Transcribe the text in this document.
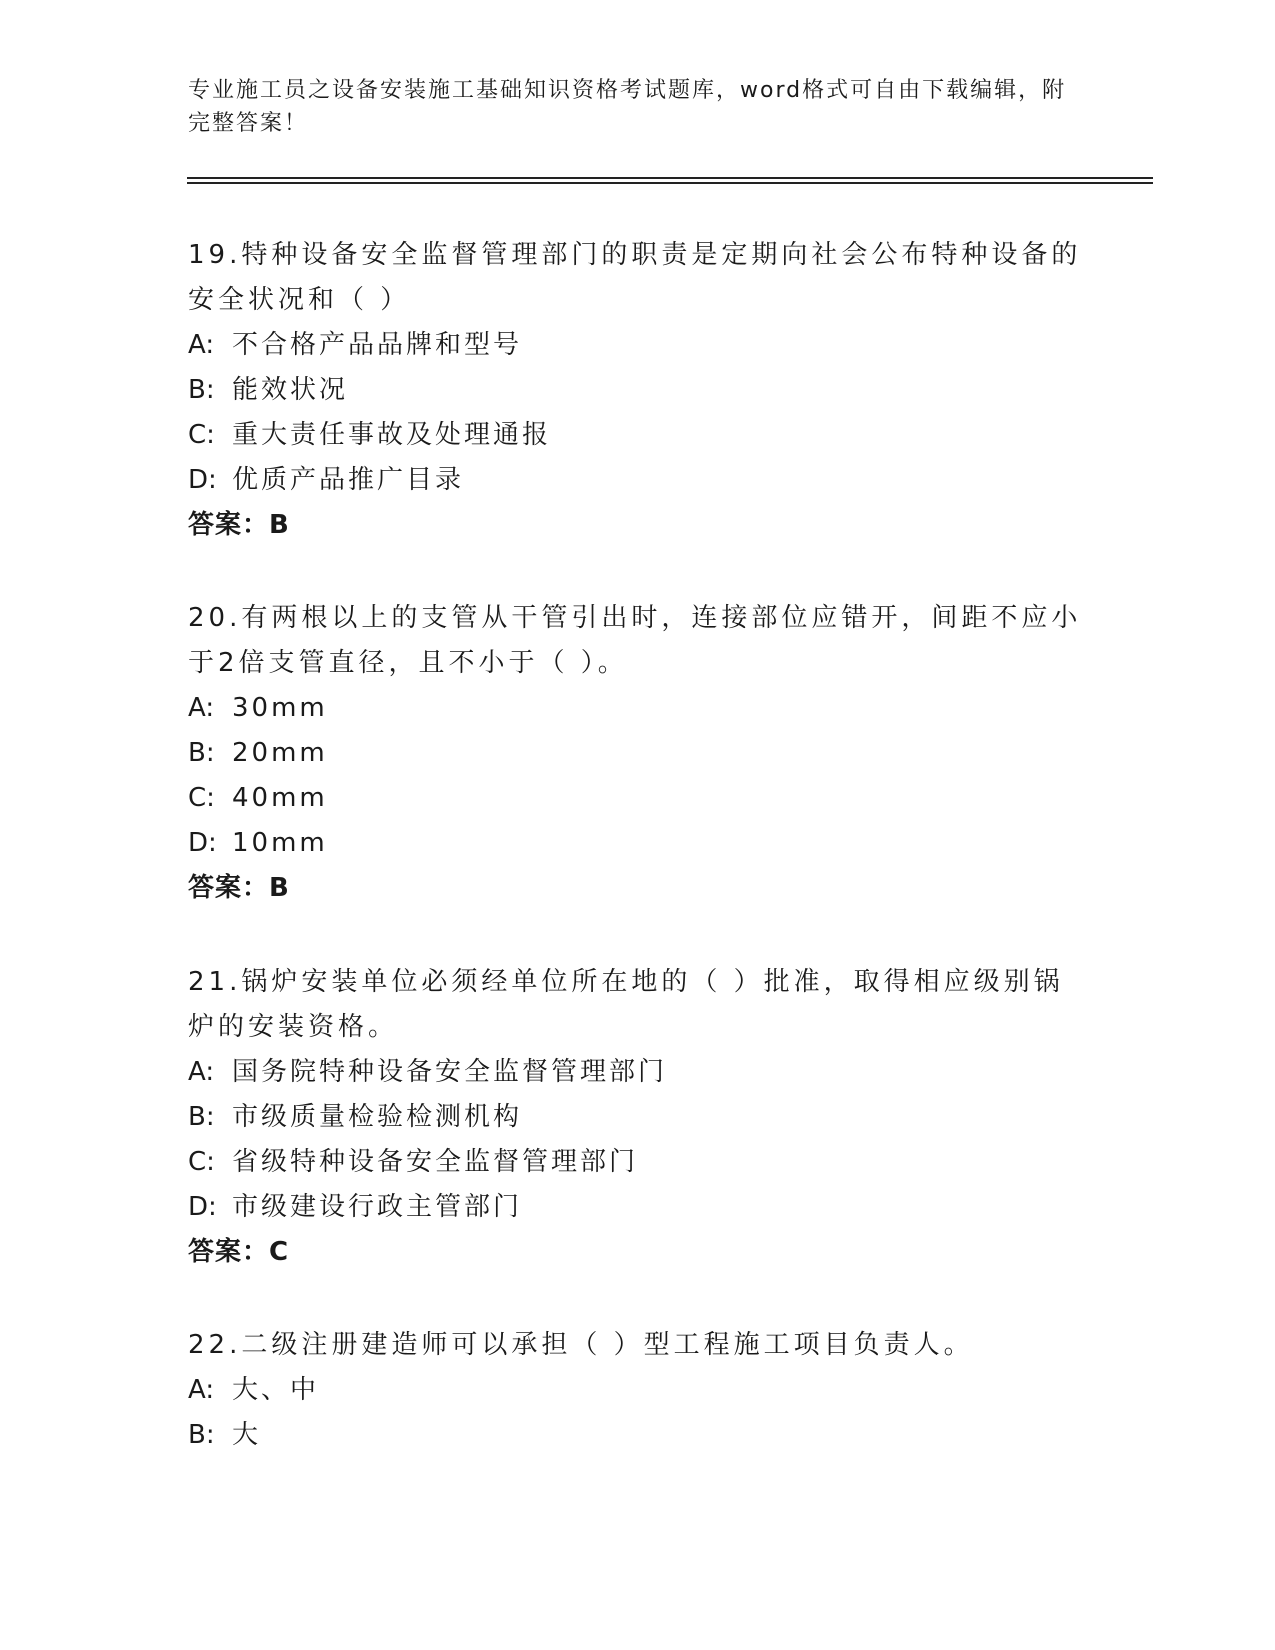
专业施工员之设备安装施工基础知识资格考试题库，word格式可自由下载编辑，附完整答案！

19.特种设备安全监督管理部门的职责是定期向社会公布特种设备的安全状况和（ ）

A: 不合格产品品牌和型号

B: 能效状况

C: 重大责任事故及处理通报

D: 优质产品推广目录

答案：B

20.有两根以上的支管从干管引出时，连接部位应错开，间距不应小于2倍支管直径，且不小于（ ）。

A: 30mm

B: 20mm

C: 40mm

D: 10mm

答案：B

21.锅炉安装单位必须经单位所在地的（ ）批准，取得相应级别锅炉的安装资格。

A: 国务院特种设备安全监督管理部门

B: 市级质量检验检测机构

C: 省级特种设备安全监督管理部门

D: 市级建设行政主管部门

答案：C

22.二级注册建造师可以承担（ ）型工程施工项目负责人。

A: 大、中

B: 大
